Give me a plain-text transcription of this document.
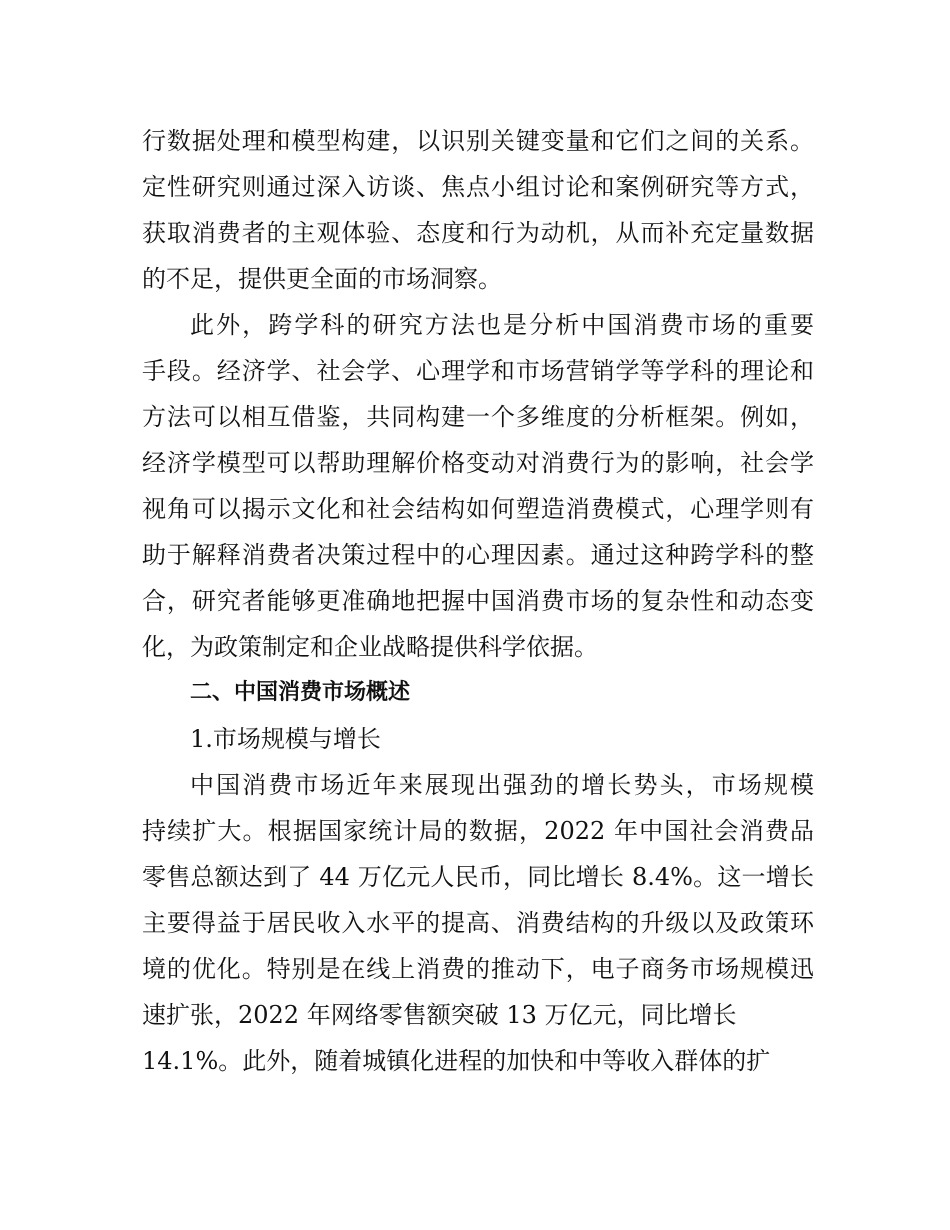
行数据处理和模型构建，以识别关键变量和它们之间的关系。
定性研究则通过深入访谈、焦点小组讨论和案例研究等方式，
获取消费者的主观体验、态度和行为动机，从而补充定量数据
的不足，提供更全面的市场洞察。
此外，跨学科的研究方法也是分析中国消费市场的重要
手段。经济学、社会学、心理学和市场营销学等学科的理论和
方法可以相互借鉴，共同构建一个多维度的分析框架。例如，
经济学模型可以帮助理解价格变动对消费行为的影响，社会学
视角可以揭示文化和社会结构如何塑造消费模式，心理学则有
助于解释消费者决策过程中的心理因素。通过这种跨学科的整
合，研究者能够更准确地把握中国消费市场的复杂性和动态变
化，为政策制定和企业战略提供科学依据。
二、中国消费市场概述
1.市场规模与增长
中国消费市场近年来展现出强劲的增长势头，市场规模
持续扩大。根据国家统计局的数据，2022 年中国社会消费品
零售总额达到了 44 万亿元人民币，同比增长 8.4%。这一增长
主要得益于居民收入水平的提高、消费结构的升级以及政策环
境的优化。特别是在线上消费的推动下，电子商务市场规模迅
速扩张，2022 年网络零售额突破 13 万亿元，同比增长
14.1%。此外，随着城镇化进程的加快和中等收入群体的扩
